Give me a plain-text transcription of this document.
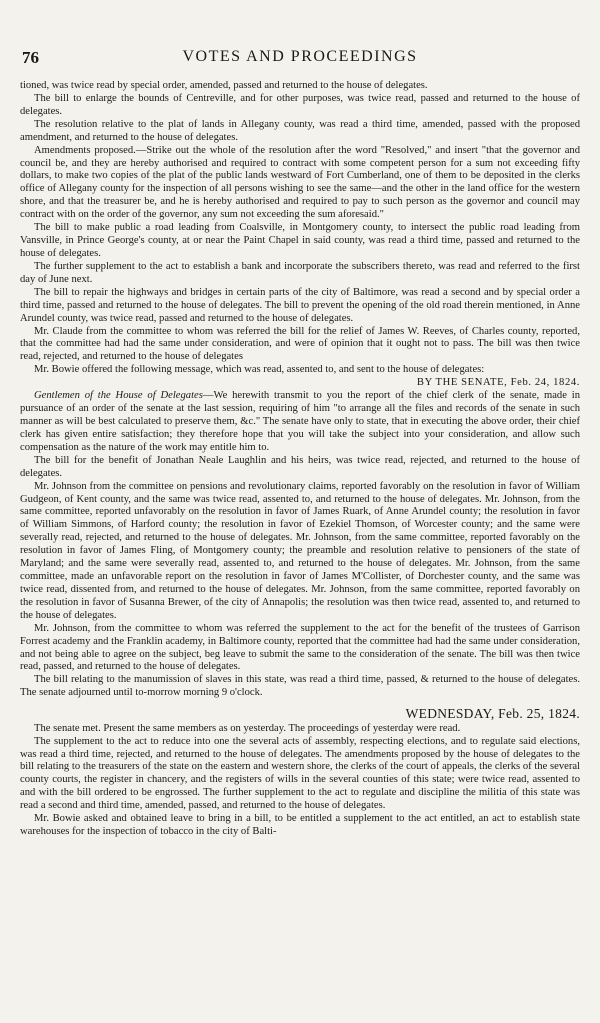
76	VOTES AND PROCEEDINGS

tioned, was twice read by special order, amended, passed and returned to the house of delegates.

The bill to enlarge the bounds of Centreville, and for other purposes, was twice read, passed and returned to the house of delegates.

The resolution relative to the plat of lands in Allegany county, was read a third time, amended, passed with the proposed amendment, and returned to the house of delegates.

Amendments proposed.—Strike out the whole of the resolution after the word "Resolved," and insert "that the governor and council be, and they are hereby authorised and required to contract with some competent person for a sum not exceeding fifty dollars, to make two copies of the plat of the public lands westward of Fort Cumberland, one of them to be deposited in the clerks office of Allegany county for the inspection of all persons wishing to see the same—and the other in the land office for the western shore, and that the treasurer be, and he is hereby authorised and required to pay to such person as the governor and council may contract with on the order of the governor, any sum not exceeding the sum aforesaid."

The bill to make public a road leading from Coalsville, in Montgomery county, to intersect the public road leading from Vansville, in Prince George's county, at or near the Paint Chapel in said county, was read a third time, passed and returned to the house of delegates.

The further supplement to the act to establish a bank and incorporate the subscribers thereto, was read and referred to the first day of June next.

The bill to repair the highways and bridges in certain parts of the city of Baltimore, was read a second and by special order a third time, passed and returned to the house of delegates. The bill to prevent the opening of the old road therein mentioned, in Anne Arundel county, was twice read, passed and returned to the house of delegates.

Mr. Claude from the committee to whom was referred the bill for the relief of James W. Reeves, of Charles county, reported, that the committee had had the same under consideration, and were of opinion that it ought not to pass. The bill was then twice read, rejected, and returned to the house of delegates

Mr. Bowie offered the following message, which was read, assented to, and sent to the house of delegates:

BY THE SENATE, Feb. 24, 1824.

Gentlemen of the House of Delegates—We herewith transmit to you the report of the chief clerk of the senate, made in pursuance of an order of the senate at the last session, requiring of him "to arrange all the files and records of the senate in such manner as will be best calculated to preserve them, &c." The senate have only to state, that in executing the above order, their chief clerk has given entire satisfaction; they therefore hope that you will take the subject into your consideration, and allow such compensation as the nature of the work may entitle him to.

The bill for the benefit of Jonathan Neale Laughlin and his heirs, was twice read, rejected, and returned to the house of delegates.

Mr. Johnson from the committee on pensions and revolutionary claims, reported favorably on the resolution in favor of William Gudgeon, of Kent county, and the same was twice read, assented to, and returned to the house of delegates. Mr. Johnson, from the same committee, reported unfavorably on the resolution in favor of James Ruark, of Anne Arundel county; the resolution in favor of William Simmons, of Harford county; the resolution in favor of Ezekiel Thomson, of Worcester county; and the same were severally read, rejected, and returned to the house of delegates. Mr. Johnson, from the same committee, reported favorably on the resolution in favor of James Fling, of Montgomery county; the preamble and resolution relative to pensioners of the state of Maryland; and the same were severally read, assented to, and returned to the house of delegates. Mr. Johnson, from the same committee, made an unfavorable report on the resolution in favor of James M'Collister, of Dorchester county, and the same was twice read, dissented from, and returned to the house of delegates. Mr. Johnson, from the same committee, reported favorably on the resolution in favor of Susanna Brewer, of the city of Annapolis; the resolution was then twice read, assented to, and returned to the house of delegates.

Mr. Johnson, from the committee to whom was referred the supplement to the act for the benefit of the trustees of Garrison Forrest academy and the Franklin academy, in Baltimore county, reported that the committee had had the same under consideration, and not being able to agree on the subject, beg leave to submit the same to the consideration of the senate. The bill was then twice read, passed, and returned to the house of delegates.

The bill relating to the manumission of slaves in this state, was read a third time, passed, & returned to the house of delegates. The senate adjourned until to-morrow morning 9 o'clock.

WEDNESDAY, Feb. 25, 1824.

The senate met. Present the same members as on yesterday. The proceedings of yesterday were read.

The supplement to the act to reduce into one the several acts of assembly, respecting elections, and to regulate said elections, was read a third time, rejected, and returned to the house of delegates. The amendments proposed by the house of delegates to the bill relating to the treasurers of the state on the eastern and western shore, the clerks of the court of appeals, the clerks of the several county courts, the register in chancery, and the registers of wills in the several counties of this state; were twice read, assented to and with the bill ordered to be engrossed. The further supplement to the act to regulate and discipline the militia of this state was read a second and third time, amended, passed, and returned to the house of delegates.

Mr. Bowie asked and obtained leave to bring in a bill, to be entitled a supplement to the act entitled, an act to establish state warehouses for the inspection of tobacco in the city of Balti-
